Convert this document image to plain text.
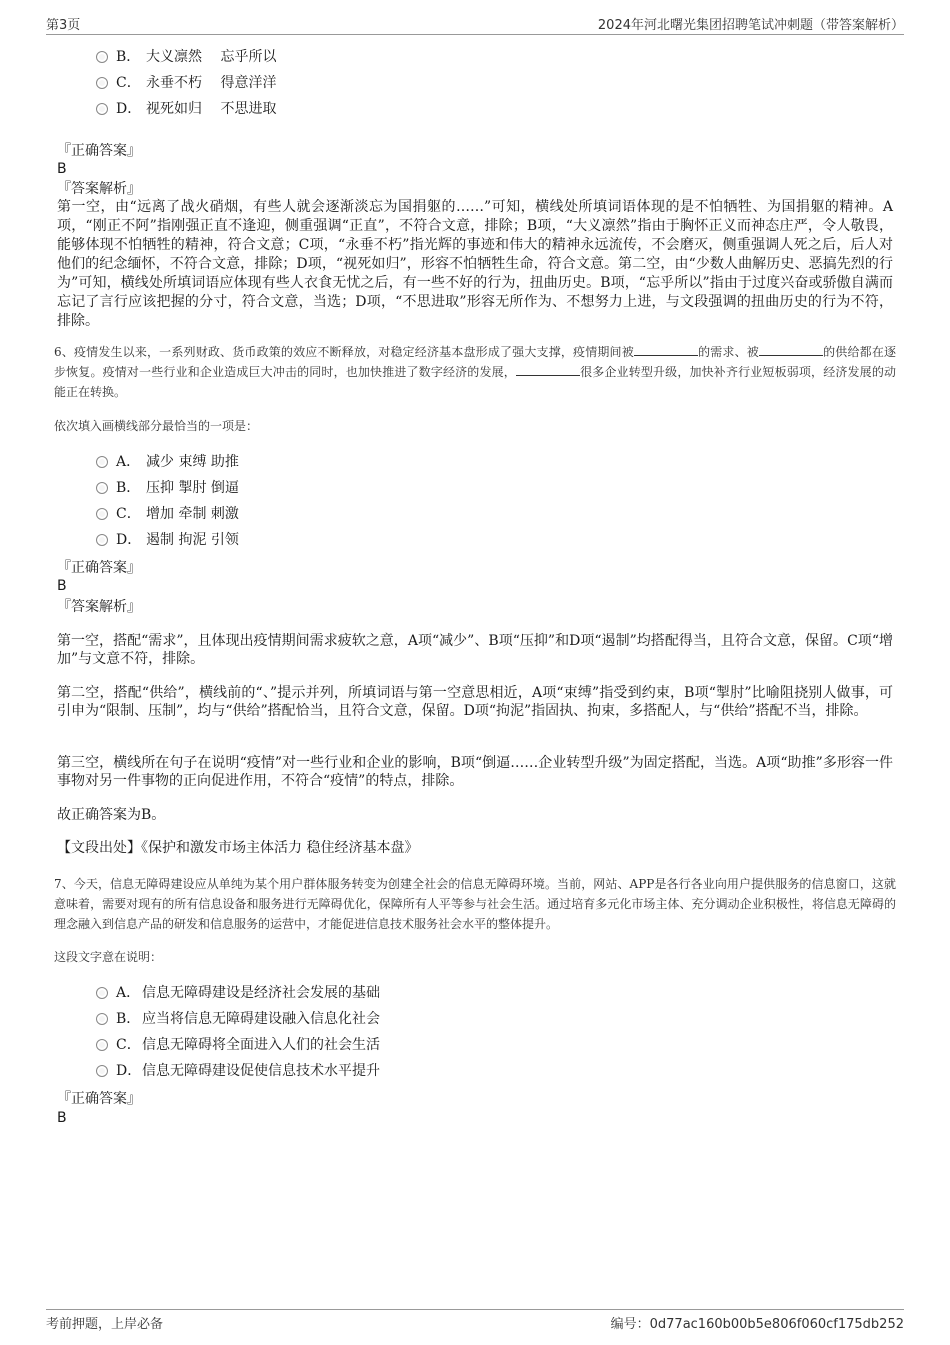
第3页	2024年河北曙光集团招聘笔试冲刺题（带答案解析）
B． 大义凛然　 忘乎所以
C． 永垂不朽　 得意洋洋
D． 视死如归　 不思进取
『正确答案』
B
『答案解析』
第一空，由“远离了战火硝烟，有些人就会逐渐淡忘为国捐躯的……”可知，横线处所填词语体现的是不怕牺牲、为国捐躯的精神。A项，“刚正不阿”指刚强正直不逢迎，侧重强调“正直”，不符合文意，排除；B项，“大义凛然”指由于胸怀正义而神态庄严，令人敬畏，能够体现不怕牺牲的精神，符合文意；C项，“永垂不朽”指光辉的事迹和伟大的精神永远流传，不会磨灭，侧重强调人死之后，后人对他们的纪念缅怀，不符合文意，排除；D项，“视死如归”，形容不怕牺牲生命，符合文意。第二空，由“少数人曲解历史、恶搞先烈的行为”可知，横线处所填词语应体现有些人衣食无忧之后，有一些不好的行为，扭曲历史。B项，“忘乎所以”指由于过度兴奋或骄傲自满而忘记了言行应该把握的分寸，符合文意，当选；D项，“不思进取”形容无所作为、不想努力上进，与文段强调的扭曲历史的行为不符，排除。
6、疫情发生以来，一系列财政、货币政策的效应不断释放，对稳定经济基本盘形成了强大支撑，疫情期间被	的需求、被	的供给都在逐步恢复。疫情对一些行业和企业造成巨大冲击的同时，也加快推进了数字经济的发展，	很多企业转型升级，加快补齐行业短板弱项，经济发展的动能正在转换。
依次填入画横线部分最恰当的一项是：
A． 减少 束缚 助推
B． 压抑 掣肘 倒逼
C． 增加 牵制 刺激
D． 遏制 拘泥 引领
『正确答案』
B
『答案解析』
第一空，搭配“需求”，且体现出疫情期间需求疲软之意，A项“减少”、B项“压抑”和D项“遏制”均搭配得当，且符合文意，保留。C项“增加”与文意不符，排除。
第二空，搭配“供给”，横线前的“、”提示并列，所填词语与第一空意思相近，A项“束缚”指受到约束，B项“掣肘”比喻阻挠别人做事，可引申为“限制、压制”，均与“供给”搭配恰当，且符合文意，保留。D项“拘泥”指固执、拘束，多搭配人，与“供给”搭配不当，排除。
第三空，横线所在句子在说明“疫情”对一些行业和企业的影响，B项“倒逼……企业转型升级”为固定搭配，当选。A项“助推”多形容一件事物对另一件事物的正向促进作用，不符合“疫情”的特点，排除。
故正确答案为B。
【文段出处】《保护和激发市场主体活力 稳住经济基本盘》
7、今天，信息无障碍建设应从单纯为某个用户群体服务转变为创建全社会的信息无障碍环境。当前，网站、APP是各行各业向用户提供服务的信息窗口，这就意味着，需要对现有的所有信息设备和服务进行无障碍优化，保障所有人平等参与社会生活。通过培育多元化市场主体、充分调动企业积极性，将信息无障碍的理念融入到信息产品的研发和信息服务的运营中，才能促进信息技术服务社会水平的整体提升。
这段文字意在说明：
A． 信息无障碍建设是经济社会发展的基础
B． 应当将信息无障碍建设融入信息化社会
C． 信息无障碍将全面进入人们的社会生活
D． 信息无障碍建设促使信息技术水平提升
『正确答案』
B
考前押题，上岸必备	编号：0d77ac160b00b5e806f060cf175db252
